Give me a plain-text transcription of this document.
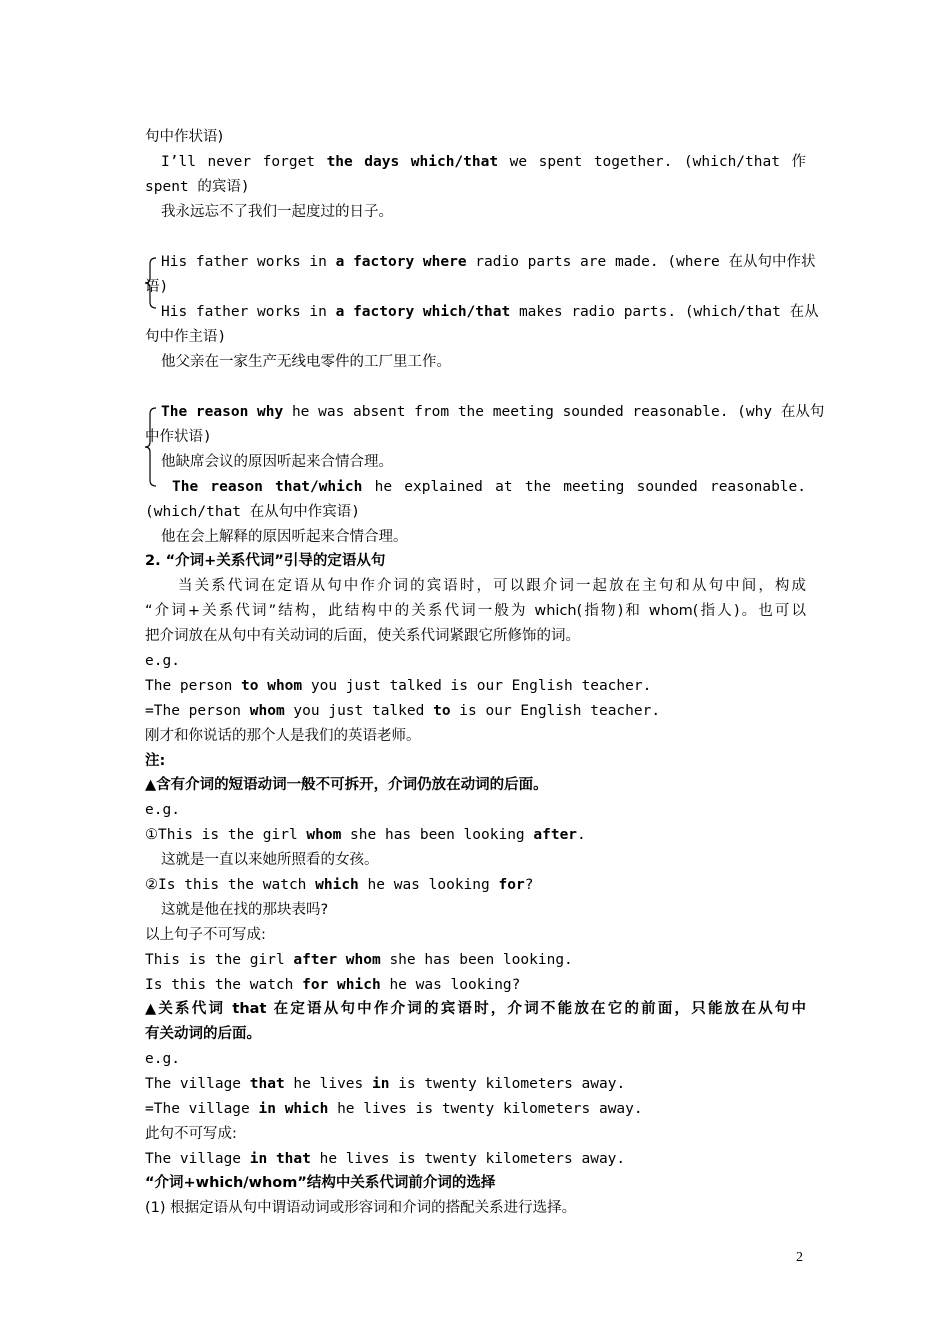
句中作状语)
I’ll never forget the days which/that we spent together. (which/that 作
spent 的宾语)
我永远忘不了我们一起度过的日子。
His father works in a factory where radio parts are made. (where 在从句中作状
语)
His father works in a factory which/that makes radio parts. (which/that 在从
句中作主语)
他父亲在一家生产无线电零件的工厂里工作。
The reason why he was absent from the meeting sounded reasonable. (why 在从句
中作状语)
他缺席会议的原因听起来合情合理。
The reason that/which he explained at the meeting sounded reasonable.
(which/that 在从句中作宾语)
他在会上解释的原因听起来合情合理。
2. “介词+关系代词”引导的定语从句
当关系代词在定语从句中作介词的宾语时，可以跟介词一起放在主句和从句中间，构成
“介词+关系代词”结构，此结构中的关系代词一般为 which(指物)和 whom(指人)。也可以
把介词放在从句中有关动词的后面，使关系代词紧跟它所修饰的词。
e.g.
The person to whom you just talked is our English teacher.
=The person whom you just talked to is our English teacher.
刚才和你说话的那个人是我们的英语老师。
注:
▲含有介词的短语动词一般不可拆开，介词仍放在动词的后面。
e.g.
①This is the girl whom she has been looking after.
这就是一直以来她所照看的女孩。
②Is this the watch which he was looking for?
这就是他在找的那块表吗?
以上句子不可写成:
This is the girl after whom she has been looking.
Is this the watch for which he was looking?
▲关系代词 that 在定语从句中作介词的宾语时，介词不能放在它的前面，只能放在从句中
有关动词的后面。
e.g.
The village that he lives in is twenty kilometers away.
=The village in which he lives is twenty kilometers away.
此句不可写成:
The village in that he lives is twenty kilometers away.
“介词+which/whom”结构中关系代词前介词的选择
(1) 根据定语从句中谓语动词或形容词和介词的搭配关系进行选择。
2
